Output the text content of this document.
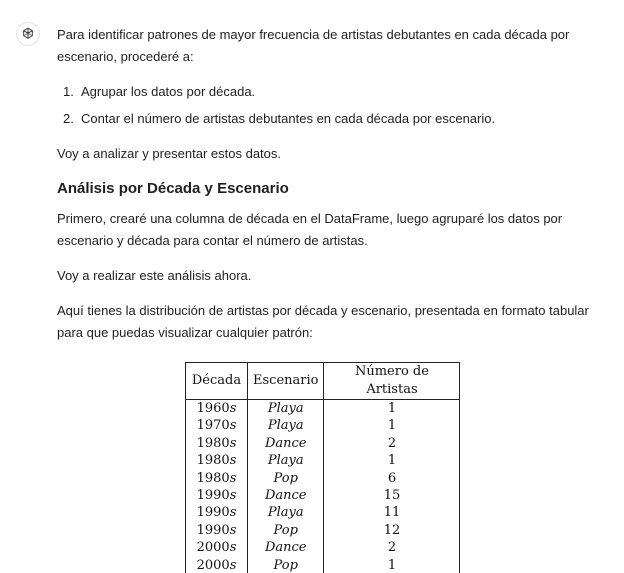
Para identificar patrones de mayor frecuencia de artistas debutantes en cada década por escenario, procederé a:
1. Agrupar los datos por década.
2. Contar el número de artistas debutantes en cada década por escenario.
Voy a analizar y presentar estos datos.
Análisis por Década y Escenario
Primero, crearé una columna de década en el DataFrame, luego agruparé los datos por escenario y década para contar el número de artistas.
Voy a realizar este análisis ahora.
Aquí tienes la distribución de artistas por década y escenario, presentada en formato tabular para que puedas visualizar cualquier patrón:
Década	Escenario	Número de Artistas
1960s	Playa	1
1970s	Playa	1
1980s	Dance	2
1980s	Playa	1
1980s	Pop	6
1990s	Dance	15
1990s	Playa	11
1990s	Pop	12
2000s	Dance	2
2000s	Pop	1
